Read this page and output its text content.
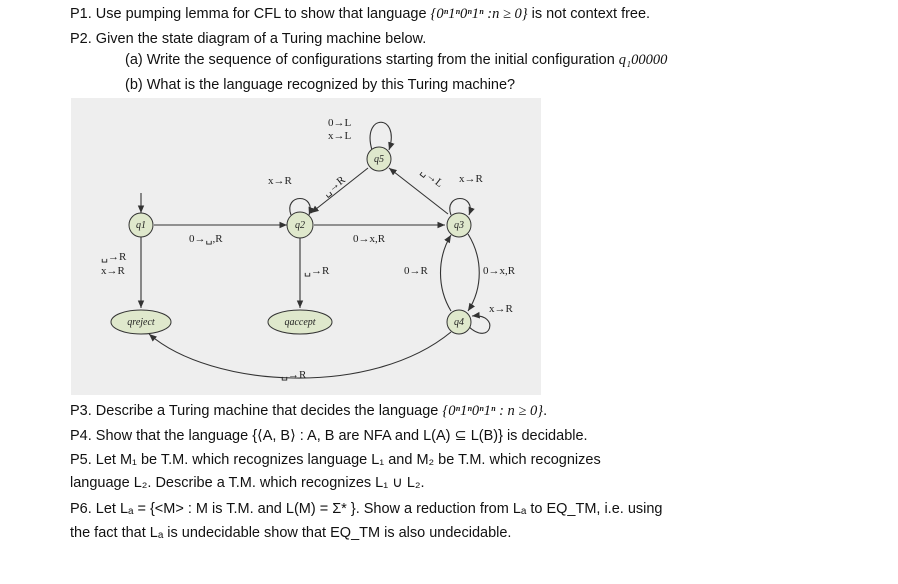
P1. Use pumping lemma for CFL to show that language {0ⁿ1ⁿ0ⁿ1ⁿ :n ≥ 0} is not context free.
P2. Given the state diagram of a Turing machine below.
(a) Write the sequence of configurations starting from the initial configuration q₁00000
(b) What is the language recognized by this Turing machine?
q1	q2	q3
q4
q5
qreject	qaccept
0→␣,R
␣→R
x→R
x→R
0→x,R
␣→R
0→L
x→L
␣→R	␣→L x→R
0→x,R
0→R
x→R
␣→R
P3. Describe a Turing machine that decides the language {0ⁿ1ⁿ0ⁿ1ⁿ : n ≥ 0}.
P4. Show that the language {⟨A, B⟩ : A, B are NFA and L(A) ⊆ L(B)} is decidable.
P5. Let M₁ be T.M. which recognizes language L₁ and M₂ be T.M. which recognizes
language L₂. Describe a T.M. which recognizes L₁ ∪ L₂.
P6. Let Lₐ = {<M> : M is T.M. and L(M) = Σ* }. Show a reduction from Lₐ to EQ_TM, i.e. using
the fact that Lₐ is undecidable show that EQ_TM is also undecidable.
